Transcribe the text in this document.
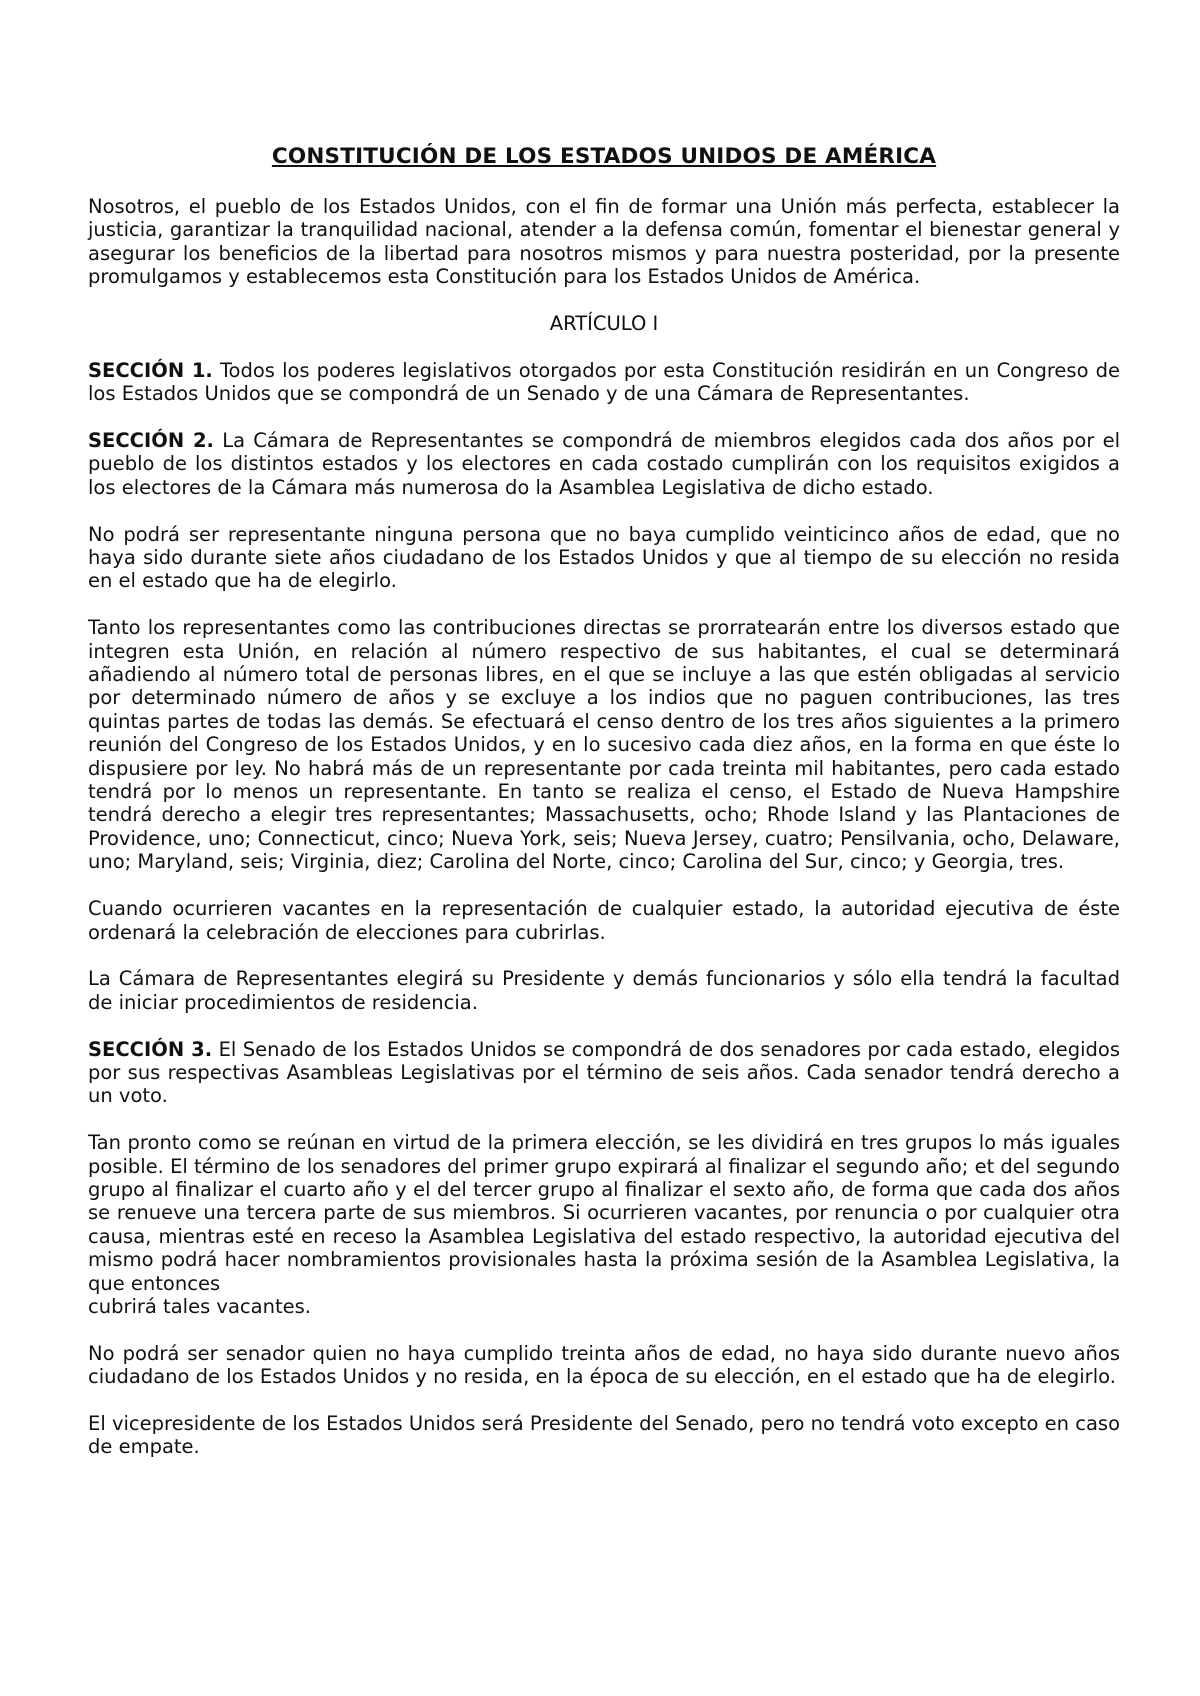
CONSTITUCIÓN DE LOS ESTADOS UNIDOS DE AMÉRICA

Nosotros, el pueblo de los Estados Unidos, con el fin de formar una Unión más perfecta, establecer la justicia, garantizar la tranquilidad nacional, atender a la defensa común, fomentar el bienestar general y asegurar los beneficios de la libertad para nosotros mismos y para nuestra posteridad, por la presente promulgamos y establecemos esta Constitución para los Estados Unidos de América.

ARTÍCULO I

SECCIÓN 1. Todos los poderes legislativos otorgados por esta Constitución residirán en un Congreso de los Estados Unidos que se compondrá de un Senado y de una Cámara de Representantes.

SECCIÓN 2. La Cámara de Representantes se compondrá de miembros elegidos cada dos años por el pueblo de los distintos estados y los electores en cada costado cumplirán con los requisitos exigidos a los electores de la Cámara más numerosa do la Asamblea Legislativa de dicho estado.

No podrá ser representante ninguna persona que no baya cumplido veinticinco años de edad, que no haya sido durante siete años ciudadano de los Estados Unidos y que al tiempo de su elección no resida en el estado que ha de elegirlo.

Tanto los representantes como las contribuciones directas se prorratearán entre los diversos estado que integren esta Unión, en relación al número respectivo de sus habitantes, el cual se determinará añadiendo al número total de personas libres, en el que se incluye a las que estén obligadas al servicio por determinado número de años y se excluye a los indios que no paguen contribuciones, las tres quintas partes de todas las demás. Se efectuará el censo dentro de los tres años siguientes a la primero reunión del Congreso de los Estados Unidos, y en lo sucesivo cada diez años, en la forma en que éste lo dispusiere por ley. No habrá más de un representante por cada treinta mil habitantes, pero cada estado tendrá por lo menos un representante. En tanto se realiza el censo, el Estado de Nueva Hampshire tendrá derecho a elegir tres representantes; Massachusetts, ocho; Rhode Island y las Plantaciones de Providence, uno; Connecticut, cinco; Nueva York, seis; Nueva Jersey, cuatro; Pensilvania, ocho, Delaware, uno; Maryland, seis; Virginia, diez; Carolina del Norte, cinco; Carolina del Sur, cinco; y Georgia, tres.

Cuando ocurrieren vacantes en la representación de cualquier estado, la autoridad ejecutiva de éste ordenará la celebración de elecciones para cubrirlas.

La Cámara de Representantes elegirá su Presidente y demás funcionarios y sólo ella tendrá la facultad de iniciar procedimientos de residencia.

SECCIÓN 3. El Senado de los Estados Unidos se compondrá de dos senadores por cada estado, elegidos por sus respectivas Asambleas Legislativas por el término de seis años. Cada senador tendrá derecho a un voto.

Tan pronto como se reúnan en virtud de la primera elección, se les dividirá en tres grupos lo más iguales posible. El término de los senadores del primer grupo expirará al finalizar el segundo año; et del segundo grupo al finalizar el cuarto año y el del tercer grupo al finalizar el sexto año, de forma que cada dos años se renueve una tercera parte de sus miembros. Si ocurrieren vacantes, por renuncia o por cualquier otra causa, mientras esté en receso la Asamblea Legislativa del estado respectivo, la autoridad ejecutiva del mismo podrá hacer nombramientos provisionales hasta la próxima sesión de la Asamblea Legislativa, la que entonces
cubrirá tales vacantes.

No podrá ser senador quien no haya cumplido treinta años de edad, no haya sido durante nuevo años ciudadano de los Estados Unidos y no resida, en la época de su elección, en el estado que ha de elegirlo.

El vicepresidente de los Estados Unidos será Presidente del Senado, pero no tendrá voto excepto en caso de empate.
